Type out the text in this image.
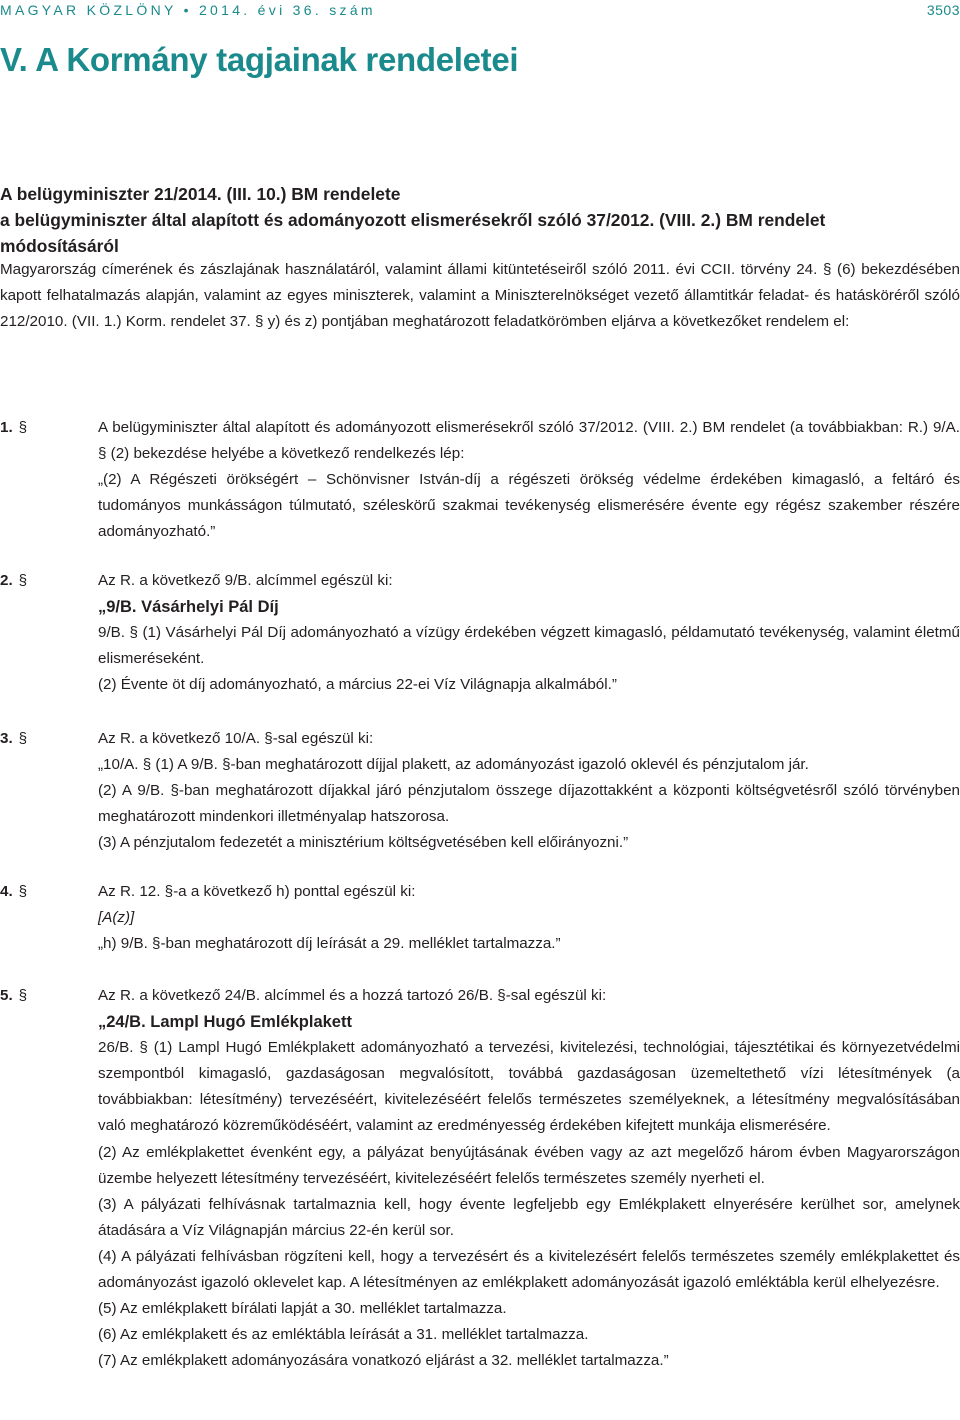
MAGYAR KÖZLÖNY • 2014. évi 36. szám	3503
V. A Kormány tagjainak rendeletei
A belügyminiszter 21/2014. (III. 10.) BM rendelete
a belügyminiszter által alapított és adományozott elismerésekről szóló 37/2012. (VIII. 2.) BM rendelet
módosításáról
Magyarország címerének és zászlajának használatáról, valamint állami kitüntetéseiről szóló 2011. évi CCII. törvény 24. § (6) bekezdésében kapott felhatalmazás alapján, valamint az egyes miniszterek, valamint a Miniszterelnökséget vezető államtitkár feladat- és hatásköréről szóló 212/2010. (VII. 1.) Korm. rendelet 37. § y) és z) pontjában meghatározott feladatkörömben eljárva a következőket rendelem el:
1. §	A belügyminiszter által alapított és adományozott elismerésekről szóló 37/2012. (VIII. 2.) BM rendelet (a továbbiakban: R.) 9/A. § (2) bekezdése helyébe a következő rendelkezés lép:

„(2) A Régészeti örökségért – Schönvisner István-díj a régészeti örökség védelme érdekében kimagasló, a feltáró és tudományos munkásságon túlmutató, széleskörű szakmai tevékenység elismerésére évente egy régész szakember részére adományozható.”

2. §	Az R. a következő 9/B. alcímmel egészül ki:

„9/B. Vásárhelyi Pál Díj

9/B. § (1) Vásárhelyi Pál Díj adományozható a vízügy érdekében végzett kimagasló, példamutató tevékenység, valamint életmű elismeréseként.

(2) Évente öt díj adományozható, a március 22-ei Víz Világnapja alkalmából.”

3. §	Az R. a következő 10/A. §-sal egészül ki:

„10/A. § (1) A 9/B. §-ban meghatározott díjjal plakett, az adományozást igazoló oklevél és pénzjutalom jár.

(2) A 9/B. §-ban meghatározott díjakkal járó pénzjutalom összege díjazottakként a központi költségvetésről szóló törvényben meghatározott mindenkori illetményalap hatszorosa.

(3) A pénzjutalom fedezetét a minisztérium költségvetésében kell előirányozni.”

4. §	Az R. 12. §-a a következő h) ponttal egészül ki:

[A(z)]

„h) 9/B. §-ban meghatározott díj leírását a 29. melléklet tartalmazza.”

5. §	Az R. a következő 24/B. alcímmel és a hozzá tartozó 26/B. §-sal egészül ki:

„24/B. Lampl Hugó Emlékplakett

26/B. § (1) Lampl Hugó Emlékplakett adományozható a tervezési, kivitelezési, technológiai, tájesztétikai és környezetvédelmi szempontból kimagasló, gazdaságosan megvalósított, továbbá gazdaságosan üzemeltethető vízi létesítmények (a továbbiakban: létesítmény) tervezéséért, kivitelezéséért felelős természetes személyeknek, a létesítmény megvalósításában való meghatározó közreműködéséért, valamint az eredményesség érdekében kifejtett munkája elismerésére.

(2) Az emlékplakettet évenként egy, a pályázat benyújtásának évében vagy az azt megelőző három évben Magyarországon üzembe helyezett létesítmény tervezéséért, kivitelezéséért felelős természetes személy nyerheti el.

(3) A pályázati felhívásnak tartalmaznia kell, hogy évente legfeljebb egy Emlékplakett elnyerésére kerülhet sor, amelynek átadására a Víz Világnapján március 22-én kerül sor.

(4) A pályázati felhívásban rögzíteni kell, hogy a tervezésért és a kivitelezésért felelős természetes személy emlékplakettet és adományozást igazoló oklevelet kap. A létesítményen az emlékplakett adományozását igazoló emléktábla kerül elhelyezésre.

(5) Az emlékplakett bírálati lapját a 30. melléklet tartalmazza.

(6) Az emlékplakett és az emléktábla leírását a 31. melléklet tartalmazza.

(7) Az emlékplakett adományozására vonatkozó eljárást a 32. melléklet tartalmazza.”
